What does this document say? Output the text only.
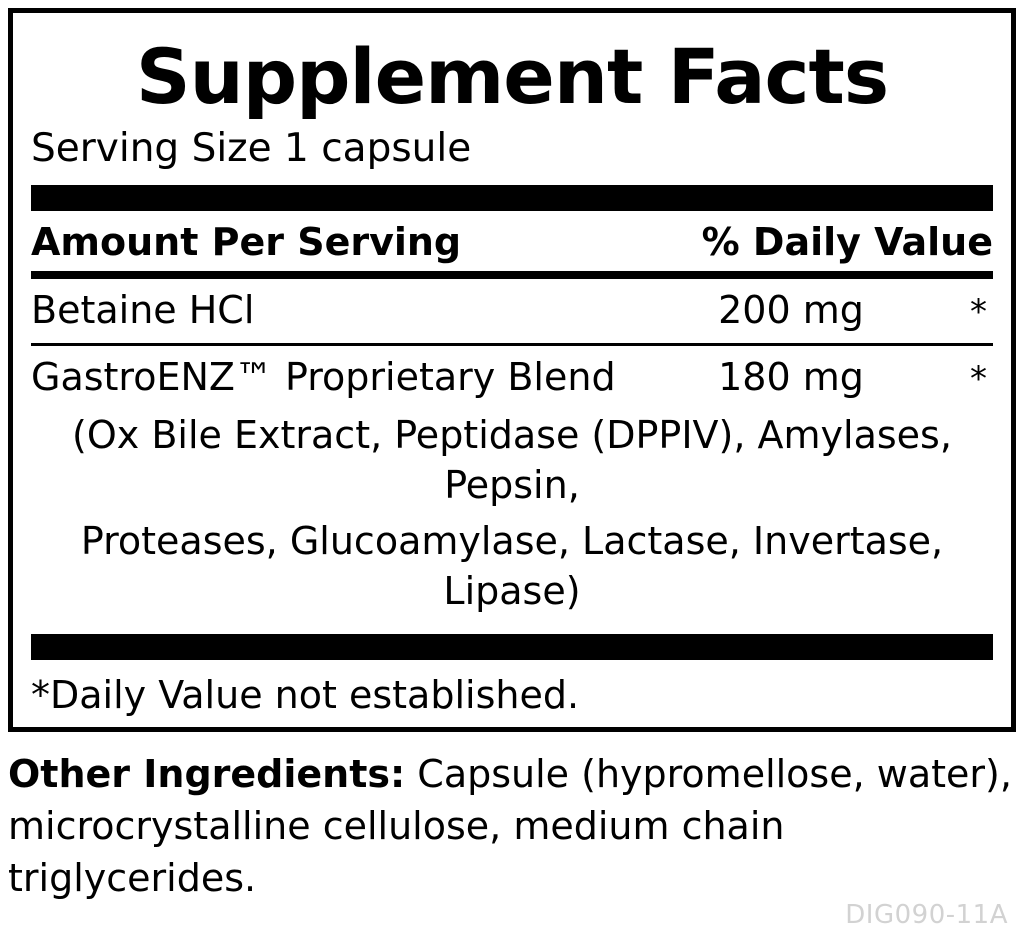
Supplement Facts
Serving Size 1 capsule
Amount Per Serving	% Daily Value
Betaine HCl	200 mg	*
GastroENZ™ Proprietary Blend	180 mg	*
(Ox Bile Extract, Peptidase (DPPIV), Amylases, Pepsin,
Proteases, Glucoamylase, Lactase, Invertase, Lipase)
*Daily Value not established.
Other Ingredients: Capsule (hypromellose, water), microcrystalline cellulose, medium chain triglycerides.
DIG090-11A
